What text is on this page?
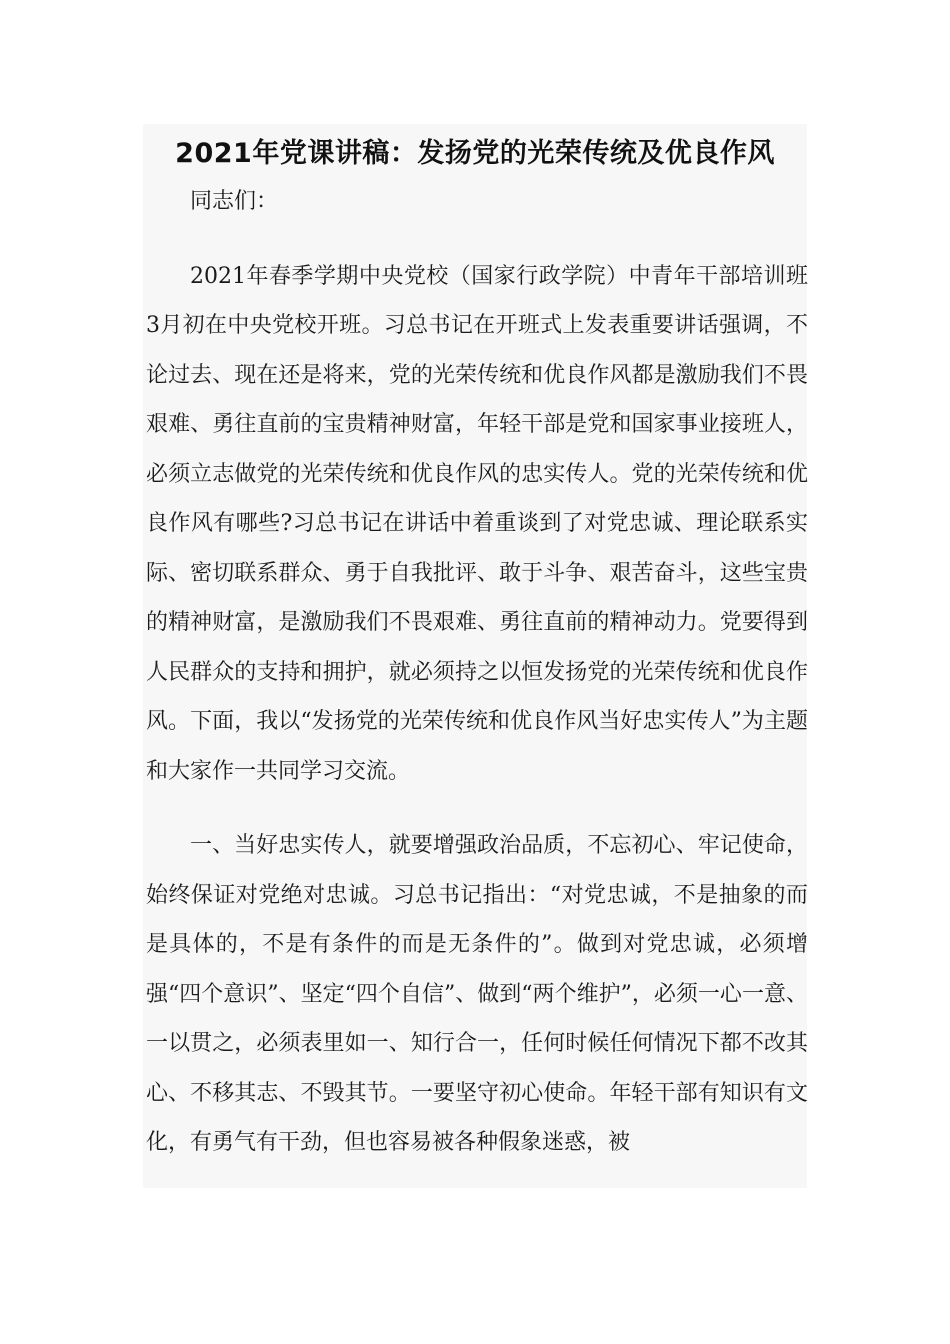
2021年党课讲稿：发扬党的光荣传统及优良作风

同志们：

2021年春季学期中央党校（国家行政学院）中青年干部培训班3月初在中央党校开班。习总书记在开班式上发表重要讲话强调，不论过去、现在还是将来，党的光荣传统和优良作风都是激励我们不畏艰难、勇往直前的宝贵精神财富，年轻干部是党和国家事业接班人，必须立志做党的光荣传统和优良作风的忠实传人。党的光荣传统和优良作风有哪些?习总书记在讲话中着重谈到了对党忠诚、理论联系实际、密切联系群众、勇于自我批评、敢于斗争、艰苦奋斗，这些宝贵的精神财富，是激励我们不畏艰难、勇往直前的精神动力。党要得到人民群众的支持和拥护，就必须持之以恒发扬党的光荣传统和优良作风。下面，我以“发扬党的光荣传统和优良作风当好忠实传人”为主题和大家作一共同学习交流。

一、当好忠实传人，就要增强政治品质，不忘初心、牢记使命，始终保证对党绝对忠诚。习总书记指出：“对党忠诚，不是抽象的而是具体的，不是有条件的而是无条件的”。做到对党忠诚，必须增强“四个意识”、坚定“四个自信”、做到“两个维护”，必须一心一意、一以贯之，必须表里如一、知行合一，任何时候任何情况下都不改其心、不移其志、不毁其节。一要坚守初心使命。年轻干部有知识有文化，有勇气有干劲，但也容易被各种假象迷惑，被
